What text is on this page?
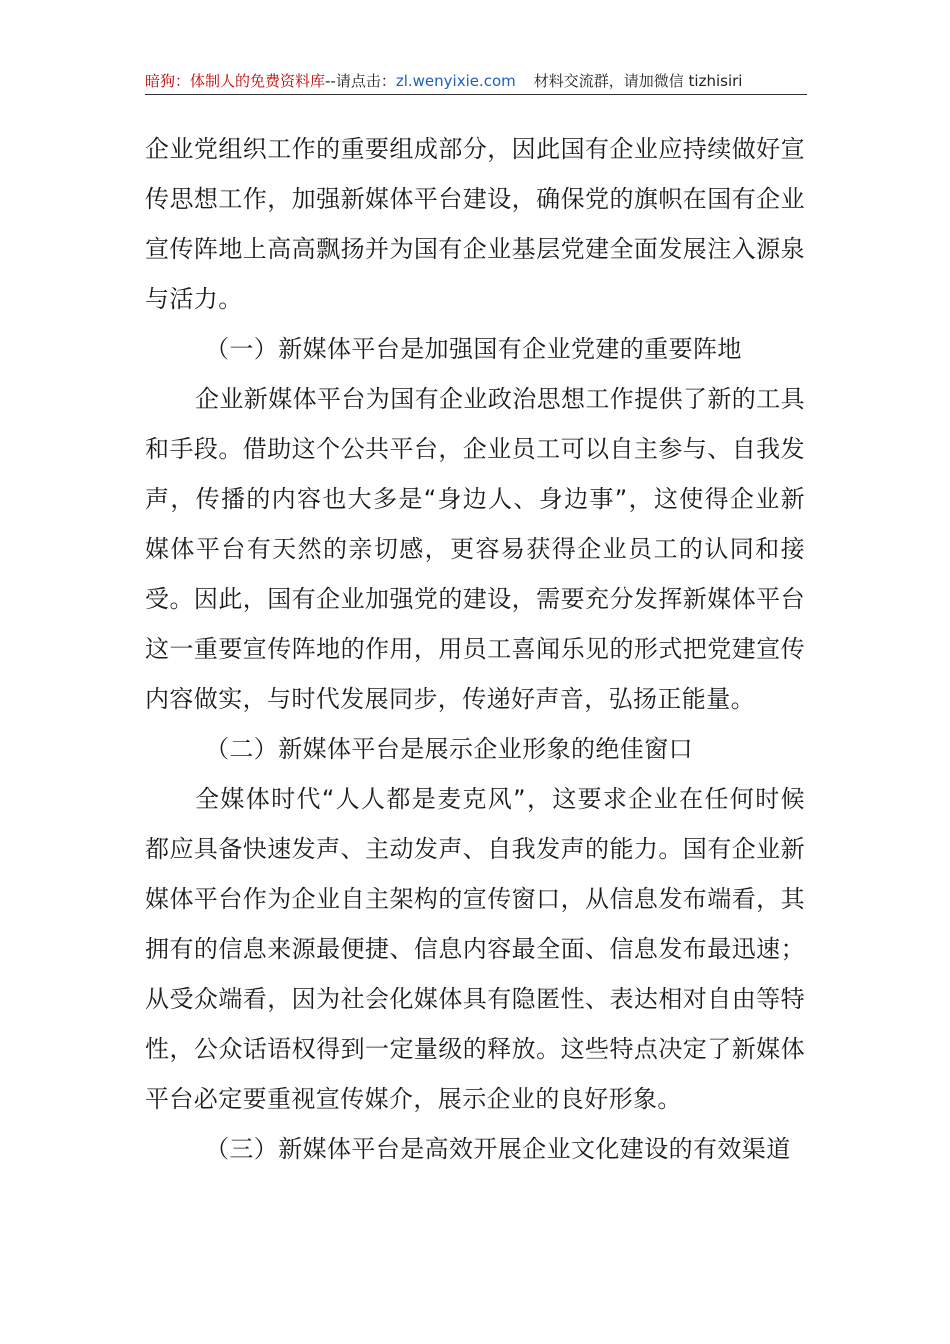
暗狗：体制人的免费资料库--请点击：zl.wenyixie.com 材料交流群，请加微信 tizhisiri

企业党组织工作的重要组成部分，因此国有企业应持续做好宣传思想工作，加强新媒体平台建设，确保党的旗帜在国有企业宣传阵地上高高飘扬并为国有企业基层党建全面发展注入源泉与活力。

（一）新媒体平台是加强国有企业党建的重要阵地

企业新媒体平台为国有企业政治思想工作提供了新的工具和手段。借助这个公共平台，企业员工可以自主参与、自我发声，传播的内容也大多是“身边人、身边事”，这使得企业新媒体平台有天然的亲切感，更容易获得企业员工的认同和接受。因此，国有企业加强党的建设，需要充分发挥新媒体平台这一重要宣传阵地的作用，用员工喜闻乐见的形式把党建宣传内容做实，与时代发展同步，传递好声音，弘扬正能量。

（二）新媒体平台是展示企业形象的绝佳窗口

全媒体时代“人人都是麦克风”，这要求企业在任何时候都应具备快速发声、主动发声、自我发声的能力。国有企业新媒体平台作为企业自主架构的宣传窗口，从信息发布端看，其拥有的信息来源最便捷、信息内容最全面、信息发布最迅速；从受众端看，因为社会化媒体具有隐匿性、表达相对自由等特性，公众话语权得到一定量级的释放。这些特点决定了新媒体平台必定要重视宣传媒介，展示企业的良好形象。

（三）新媒体平台是高效开展企业文化建设的有效渠道
